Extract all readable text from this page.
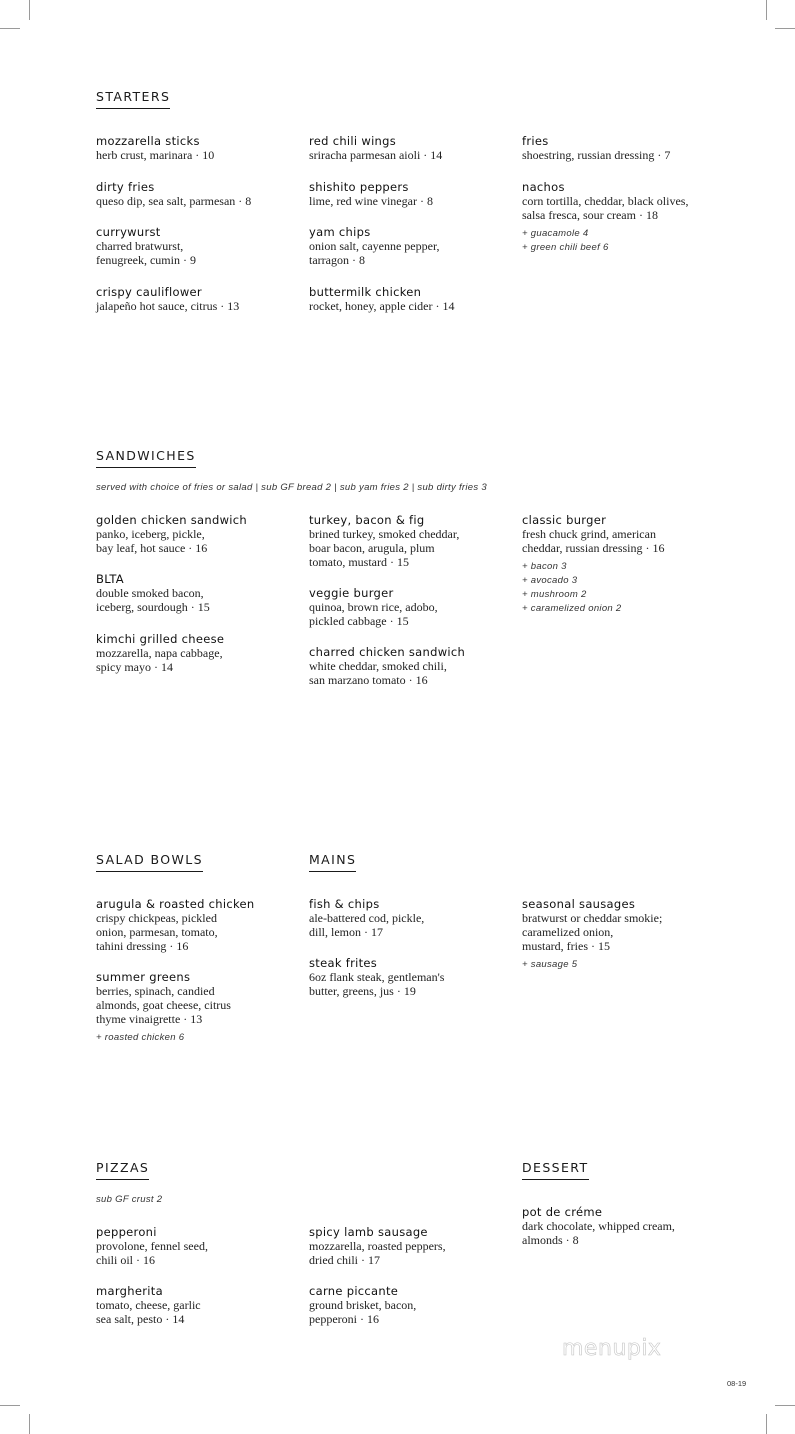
STARTERS
mozzarella sticks
herb crust, marinara · 10
dirty fries
queso dip, sea salt, parmesan · 8
currywurst
charred bratwurst,
fenugreek, cumin · 9
crispy cauliflower
jalapeño hot sauce, citrus · 13
red chili wings
sriracha parmesan aioli · 14
shishito peppers
lime, red wine vinegar · 8
yam chips
onion salt, cayenne pepper,
tarragon · 8
buttermilk chicken
rocket, honey, apple cider · 14
fries
shoestring, russian dressing · 7
nachos
corn tortilla, cheddar, black olives,
salsa fresca, sour cream · 18
+ guacamole 4
+ green chili beef 6
SANDWICHES
served with choice of fries or salad | sub GF bread 2 | sub yam fries 2 | sub dirty fries 3
golden chicken sandwich
panko, iceberg, pickle,
bay leaf, hot sauce · 16
BLTA
double smoked bacon,
iceberg, sourdough · 15
kimchi grilled cheese
mozzarella, napa cabbage,
spicy mayo · 14
turkey, bacon & fig
brined turkey, smoked cheddar,
boar bacon, arugula, plum
tomato, mustard · 15
veggie burger
quinoa, brown rice, adobo,
pickled cabbage · 15
charred chicken sandwich
white cheddar, smoked chili,
san marzano tomato · 16
classic burger
fresh chuck grind, american
cheddar, russian dressing · 16
+ bacon 3
+ avocado 3
+ mushroom 2
+ caramelized onion 2
SALAD BOWLS
arugula & roasted chicken
crispy chickpeas, pickled
onion, parmesan, tomato,
tahini dressing · 16
summer greens
berries, spinach, candied
almonds, goat cheese, citrus
thyme vinaigrette · 13
+ roasted chicken 6
MAINS
fish & chips
ale-battered cod, pickle,
dill, lemon · 17
steak frites
6oz flank steak, gentleman's
butter, greens, jus · 19
seasonal sausages
bratwurst or cheddar smokie;
caramelized onion,
mustard, fries · 15
+ sausage 5
PIZZAS
sub GF crust 2
pepperoni
provolone, fennel seed,
chili oil · 16
margherita
tomato, cheese, garlic
sea salt, pesto · 14
spicy lamb sausage
mozzarella, roasted peppers,
dried chili · 17
carne piccante
ground brisket, bacon,
pepperoni · 16
DESSERT
pot de créme
dark chocolate, whipped cream,
almonds · 8
menupix
08-19
